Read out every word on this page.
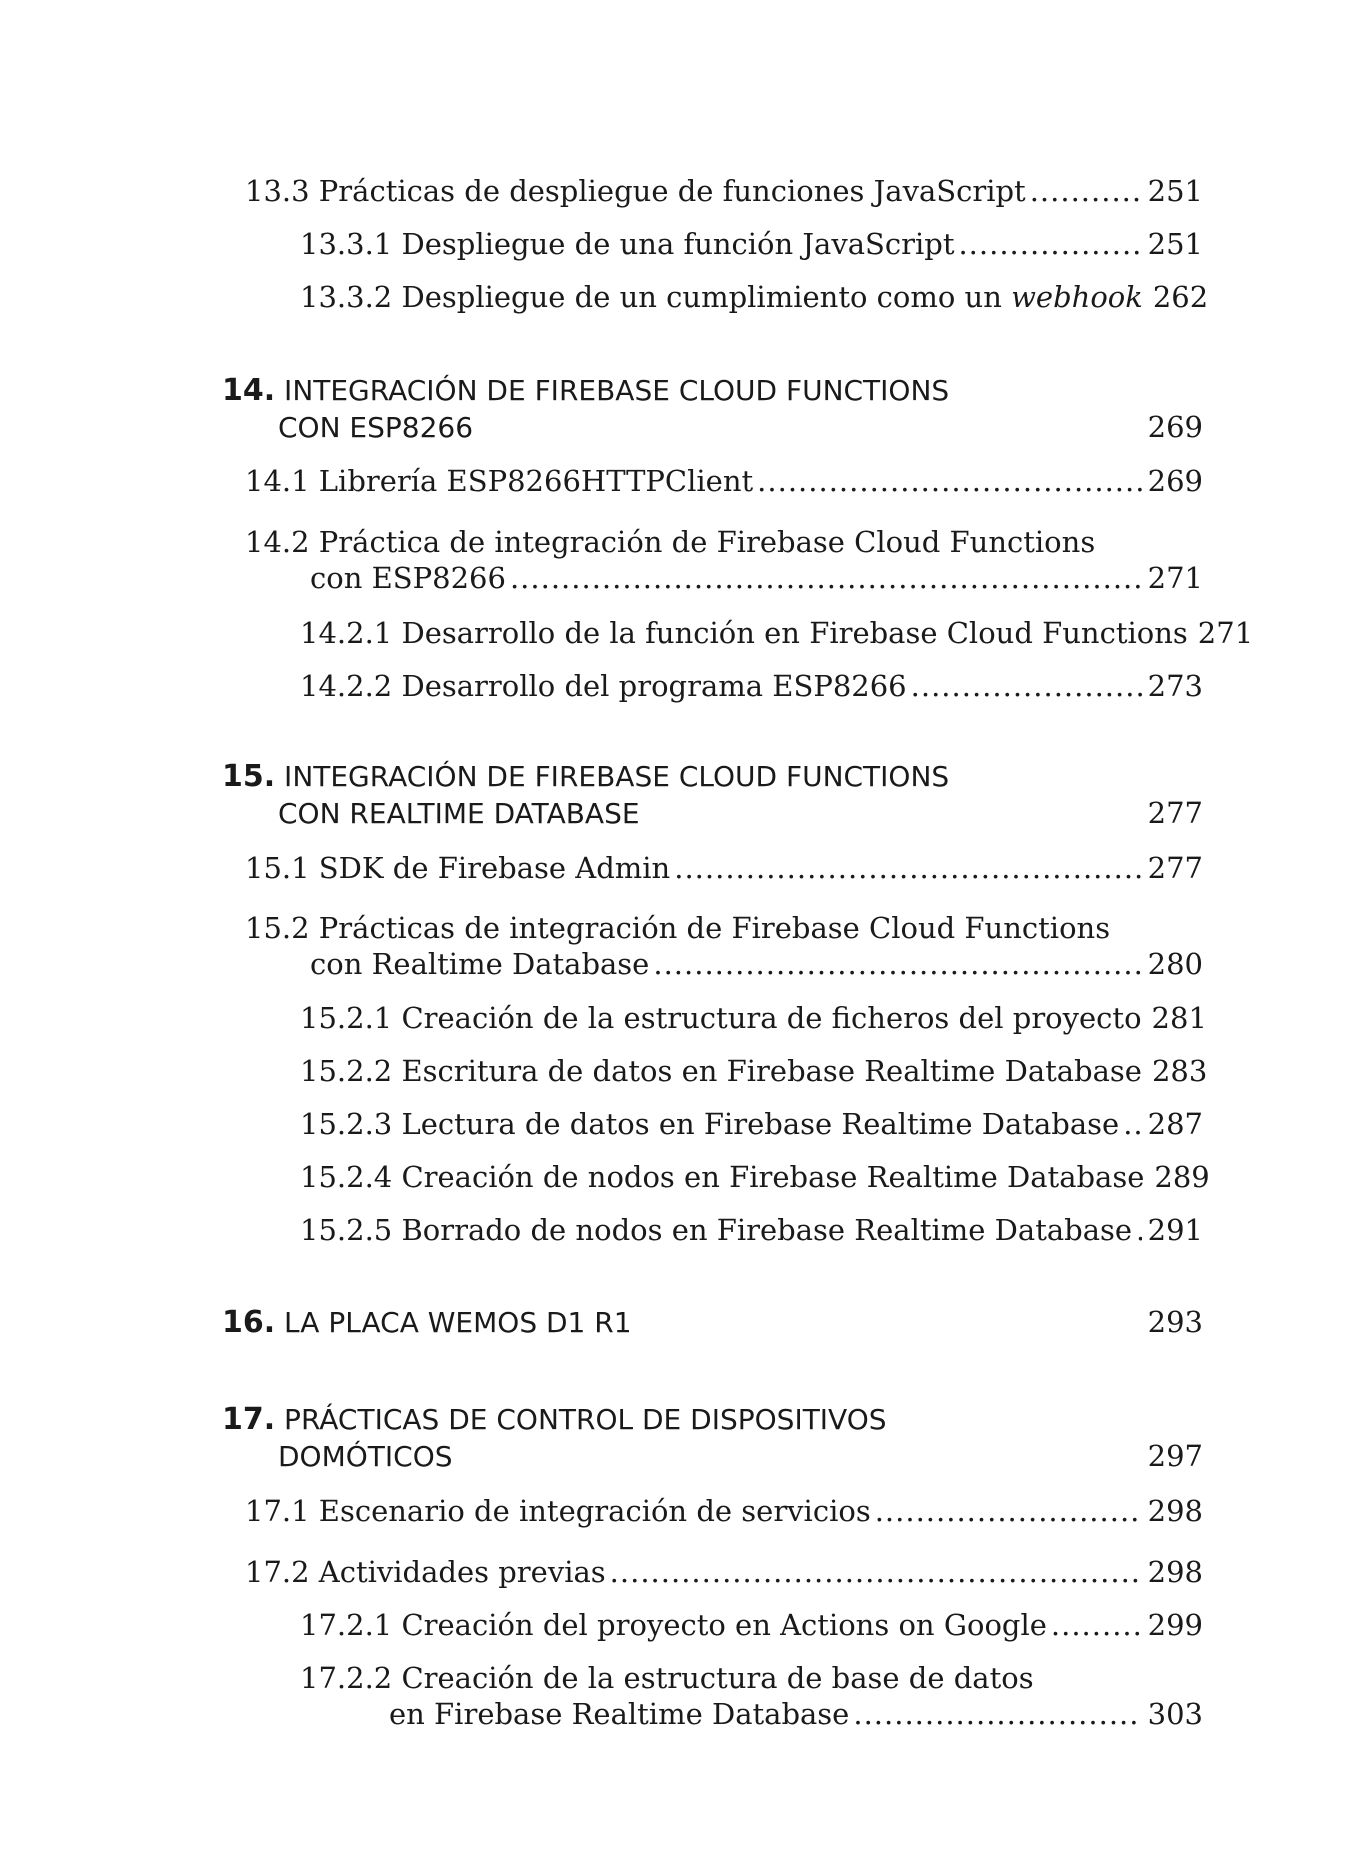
13.3 Prácticas de despliegue de funciones JavaScript .....	251
13.3.1 Despliegue de una función JavaScript .....	251
13.3.2 Despliegue de un cumplimiento como un webhook 262
14. INTEGRACIÓN DE FIREBASE CLOUD FUNCTIONS
CON ESP8266	269
14.1 Librería ESP8266HTTPClient .....	269
14.2 Práctica de integración de Firebase Cloud Functions
con ESP8266 .....	271
14.2.1 Desarrollo de la función en Firebase Cloud Functions 271
14.2.2 Desarrollo del programa ESP8266 .....	273
15. INTEGRACIÓN DE FIREBASE CLOUD FUNCTIONS
CON REALTIME DATABASE	277
15.1 SDK de Firebase Admin .....	277
15.2 Prácticas de integración de Firebase Cloud Functions
con Realtime Database .....	280
15.2.1 Creación de la estructura de ficheros del proyecto 281
15.2.2 Escritura de datos en Firebase Realtime Database 283
15.2.3 Lectura de datos en Firebase Realtime Database ..... 287
15.2.4 Creación de nodos en Firebase Realtime Database 289
15.2.5 Borrado de nodos en Firebase Realtime Database ..... 291
16. LA PLACA WEMOS D1 R1	293
17. PRÁCTICAS DE CONTROL DE DISPOSITIVOS
DOMÓTICOS	297
17.1 Escenario de integración de servicios .....	298
17.2 Actividades previas .....	298
17.2.1 Creación del proyecto en Actions on Google .....	299
17.2.2 Creación de la estructura de base de datos
en Firebase Realtime Database .....	303
